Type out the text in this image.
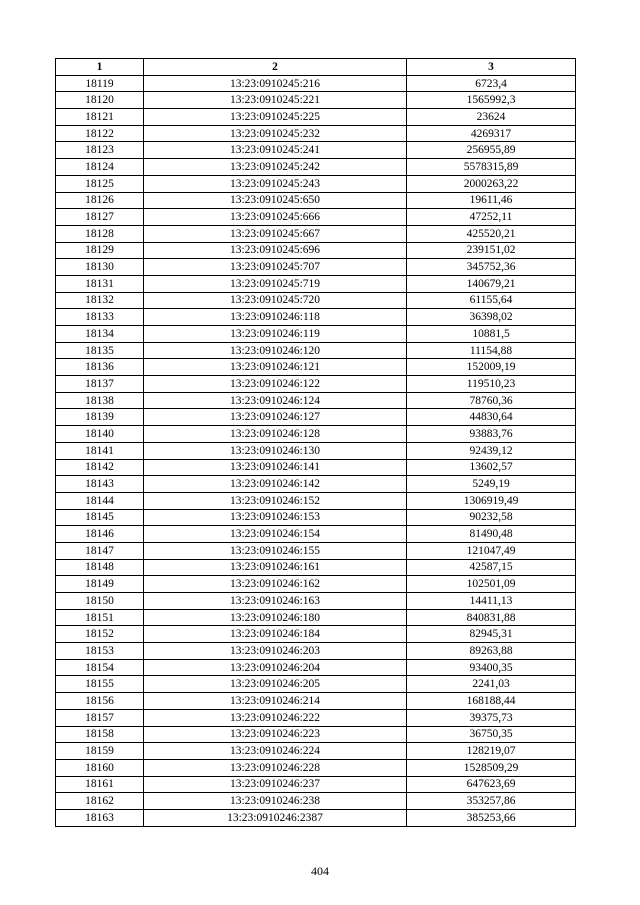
1	2	3
18119	13:23:0910245:216	6723,4
18120	13:23:0910245:221	1565992,3
18121	13:23:0910245:225	23624
18122	13:23:0910245:232	4269317
18123	13:23:0910245:241	256955,89
18124	13:23:0910245:242	5578315,89
18125	13:23:0910245:243	2000263,22
18126	13:23:0910245:650	19611,46
18127	13:23:0910245:666	47252,11
18128	13:23:0910245:667	425520,21
18129	13:23:0910245:696	239151,02
18130	13:23:0910245:707	345752,36
18131	13:23:0910245:719	140679,21
18132	13:23:0910245:720	61155,64
18133	13:23:0910246:118	36398,02
18134	13:23:0910246:119	10881,5
18135	13:23:0910246:120	11154,88
18136	13:23:0910246:121	152009,19
18137	13:23:0910246:122	119510,23
18138	13:23:0910246:124	78760,36
18139	13:23:0910246:127	44830,64
18140	13:23:0910246:128	93883,76
18141	13:23:0910246:130	92439,12
18142	13:23:0910246:141	13602,57
18143	13:23:0910246:142	5249,19
18144	13:23:0910246:152	1306919,49
18145	13:23:0910246:153	90232,58
18146	13:23:0910246:154	81490,48
18147	13:23:0910246:155	121047,49
18148	13:23:0910246:161	42587,15
18149	13:23:0910246:162	102501,09
18150	13:23:0910246:163	14411,13
18151	13:23:0910246:180	840831,88
18152	13:23:0910246:184	82945,31
18153	13:23:0910246:203	89263,88
18154	13:23:0910246:204	93400,35
18155	13:23:0910246:205	2241,03
18156	13:23:0910246:214	168188,44
18157	13:23:0910246:222	39375,73
18158	13:23:0910246:223	36750,35
18159	13:23:0910246:224	128219,07
18160	13:23:0910246:228	1528509,29
18161	13:23:0910246:237	647623,69
18162	13:23:0910246:238	353257,86
18163	13:23:0910246:2387	385253,66
404
